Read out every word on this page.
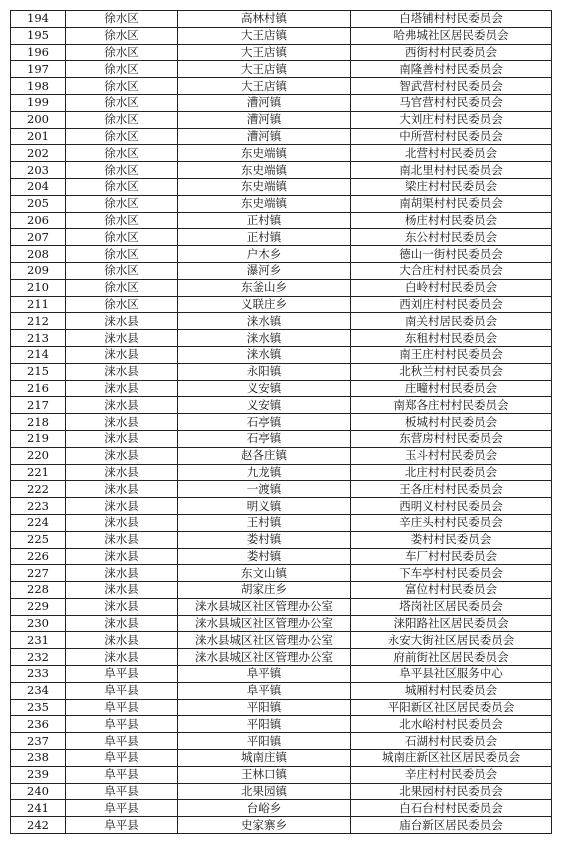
194	徐水区	高林村镇	白塔铺村村民委员会
195	徐水区	大王店镇	哈弗城社区居民委员会
196	徐水区	大王店镇	西街村村民委员会
197	徐水区	大王店镇	南隆善村村民委员会
198	徐水区	大王店镇	智武营村村民委员会
199	徐水区	漕河镇	马官营村村民委员会
200	徐水区	漕河镇	大刘庄村村民委员会
201	徐水区	漕河镇	中所营村村民委员会
202	徐水区	东史端镇	北营村村民委员会
203	徐水区	东史端镇	南北里村村民委员会
204	徐水区	东史端镇	梁庄村村民委员会
205	徐水区	东史端镇	南胡渠村村民委员会
206	徐水区	正村镇	杨庄村村民委员会
207	徐水区	正村镇	东公村村民委员会
208	徐水区	户木乡	德山一街村民委员会
209	徐水区	瀑河乡	大合庄村村民委员会
210	徐水区	东釜山乡	白岭村村民委员会
211	徐水区	义联庄乡	西刘庄村村民委员会
212	涞水县	涞水镇	南关村居民委员会
213	涞水县	涞水镇	东租村村民委员会
214	涞水县	涞水镇	南王庄村村民委员会
215	涞水县	永阳镇	北秋兰村村民委员会
216	涞水县	义安镇	庄疃村村民委员会
217	涞水县	义安镇	南郑各庄村村民委员会
218	涞水县	石亭镇	板城村村民委员会
219	涞水县	石亭镇	东营房村村民委员会
220	涞水县	赵各庄镇	玉斗村村民委员会
221	涞水县	九龙镇	北庄村村民委员会
222	涞水县	一渡镇	王各庄村村民委员会
223	涞水县	明义镇	西明义村村民委员会
224	涞水县	王村镇	辛庄头村村民委员会
225	涞水县	娄村镇	娄村村民委员会
226	涞水县	娄村镇	车厂村村民委员会
227	涞水县	东文山镇	下车亭村村民委员会
228	涞水县	胡家庄乡	富位村村民委员会
229	涞水县	涞水县城区社区管理办公室	塔岗社区居民委员会
230	涞水县	涞水县城区社区管理办公室	涞阳路社区居民委员会
231	涞水县	涞水县城区社区管理办公室	永安大街社区居民委员会
232	涞水县	涞水县城区社区管理办公室	府前街社区居民委员会
233	阜平县	阜平镇	阜平县社区服务中心
234	阜平县	阜平镇	城厢村村民委员会
235	阜平县	平阳镇	平阳新区社区居民委员会
236	阜平县	平阳镇	北水峪村村民委员会
237	阜平县	平阳镇	石湖村村民委员会
238	阜平县	城南庄镇	城南庄新区社区居民委员会
239	阜平县	王林口镇	辛庄村村民委员会
240	阜平县	北果园镇	北果园村村民委员会
241	阜平县	台峪乡	白石台村村民委员会
242	阜平县	史家寨乡	庙台新区居民委员会
